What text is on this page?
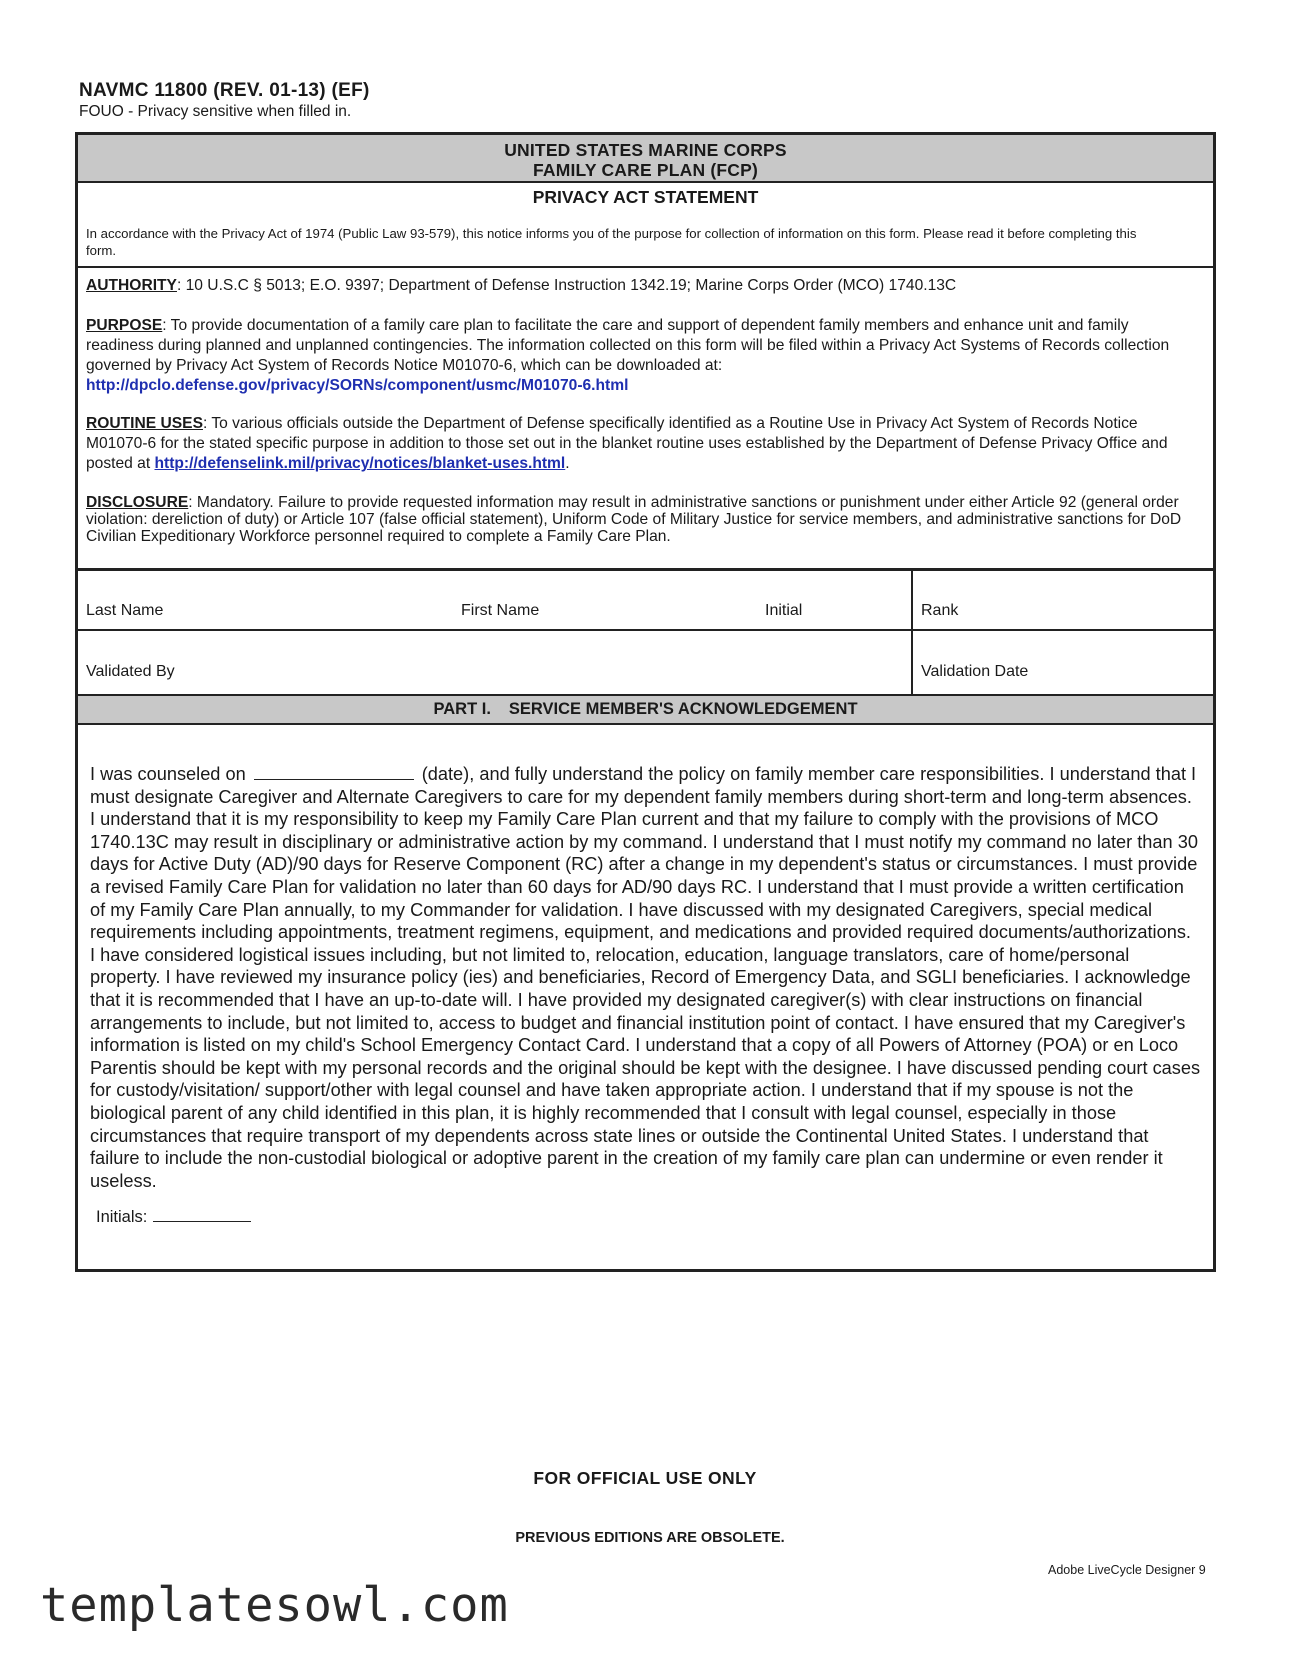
NAVMC 11800 (REV. 01-13) (EF)
FOUO - Privacy sensitive when filled in.
UNITED STATES MARINE CORPS
FAMILY CARE PLAN (FCP)
PRIVACY ACT STATEMENT
In accordance with the Privacy Act of 1974 (Public Law 93-579), this notice informs you of the purpose for collection of information on this form. Please read it before completing this form.
AUTHORITY: 10 U.S.C § 5013; E.O. 9397; Department of Defense Instruction 1342.19; Marine Corps Order (MCO) 1740.13C
PURPOSE: To provide documentation of a family care plan to facilitate the care and support of dependent family members and enhance unit and family readiness during planned and unplanned contingencies. The information collected on this form will be filed within a Privacy Act Systems of Records collection governed by Privacy Act System of Records Notice M01070-6, which can be downloaded at: http://dpclo.defense.gov/privacy/SORNs/component/usmc/M01070-6.html
ROUTINE USES: To various officials outside the Department of Defense specifically identified as a Routine Use in Privacy Act System of Records Notice M01070-6 for the stated specific purpose in addition to those set out in the blanket routine uses established by the Department of Defense Privacy Office and posted at http://defenselink.mil/privacy/notices/blanket-uses.html.
DISCLOSURE: Mandatory. Failure to provide requested information may result in administrative sanctions or punishment under either Article 92 (general order violation: dereliction of duty) or Article 107 (false official statement), Uniform Code of Military Justice for service members, and administrative sanctions for DoD Civilian Expeditionary Workforce personnel required to complete a Family Care Plan.
Last Name	First Name	Initial	Rank
Validated By	Validation Date
PART I. SERVICE MEMBER'S ACKNOWLEDGEMENT
I was counseled on	(date), and fully understand the policy on family member care responsibilities. I understand that I must designate Caregiver and Alternate Caregivers to care for my dependent family members during short-term and long-term absences. I understand that it is my responsibility to keep my Family Care Plan current and that my failure to comply with the provisions of MCO 1740.13C may result in disciplinary or administrative action by my command. I understand that I must notify my command no later than 30 days for Active Duty (AD)/90 days for Reserve Component (RC) after a change in my dependent's status or circumstances. I must provide a revised Family Care Plan for validation no later than 60 days for AD/90 days RC. I understand that I must provide a written certification of my Family Care Plan annually, to my Commander for validation. I have discussed with my designated Caregivers, special medical requirements including appointments, treatment regimens, equipment, and medications and provided required documents/authorizations. I have considered logistical issues including, but not limited to, relocation, education, language translators, care of home/personal property. I have reviewed my insurance policy (ies) and beneficiaries, Record of Emergency Data, and SGLI beneficiaries. I acknowledge that it is recommended that I have an up-to-date will. I have provided my designated caregiver(s) with clear instructions on financial arrangements to include, but not limited to, access to budget and financial institution point of contact. I have ensured that my Caregiver's information is listed on my child's School Emergency Contact Card. I understand that a copy of all Powers of Attorney (POA) or en Loco Parentis should be kept with my personal records and the original should be kept with the designee. I have discussed pending court cases for custody/visitation/ support/other with legal counsel and have taken appropriate action. I understand that if my spouse is not the biological parent of any child identified in this plan, it is highly recommended that I consult with legal counsel, especially in those circumstances that require transport of my dependents across state lines or outside the Continental United States. I understand that failure to include the non-custodial biological or adoptive parent in the creation of my family care plan can undermine or even render it useless.
Initials:
FOR OFFICIAL USE ONLY
PREVIOUS EDITIONS ARE OBSOLETE.
Adobe LiveCycle Designer 9
templatesowl.com
